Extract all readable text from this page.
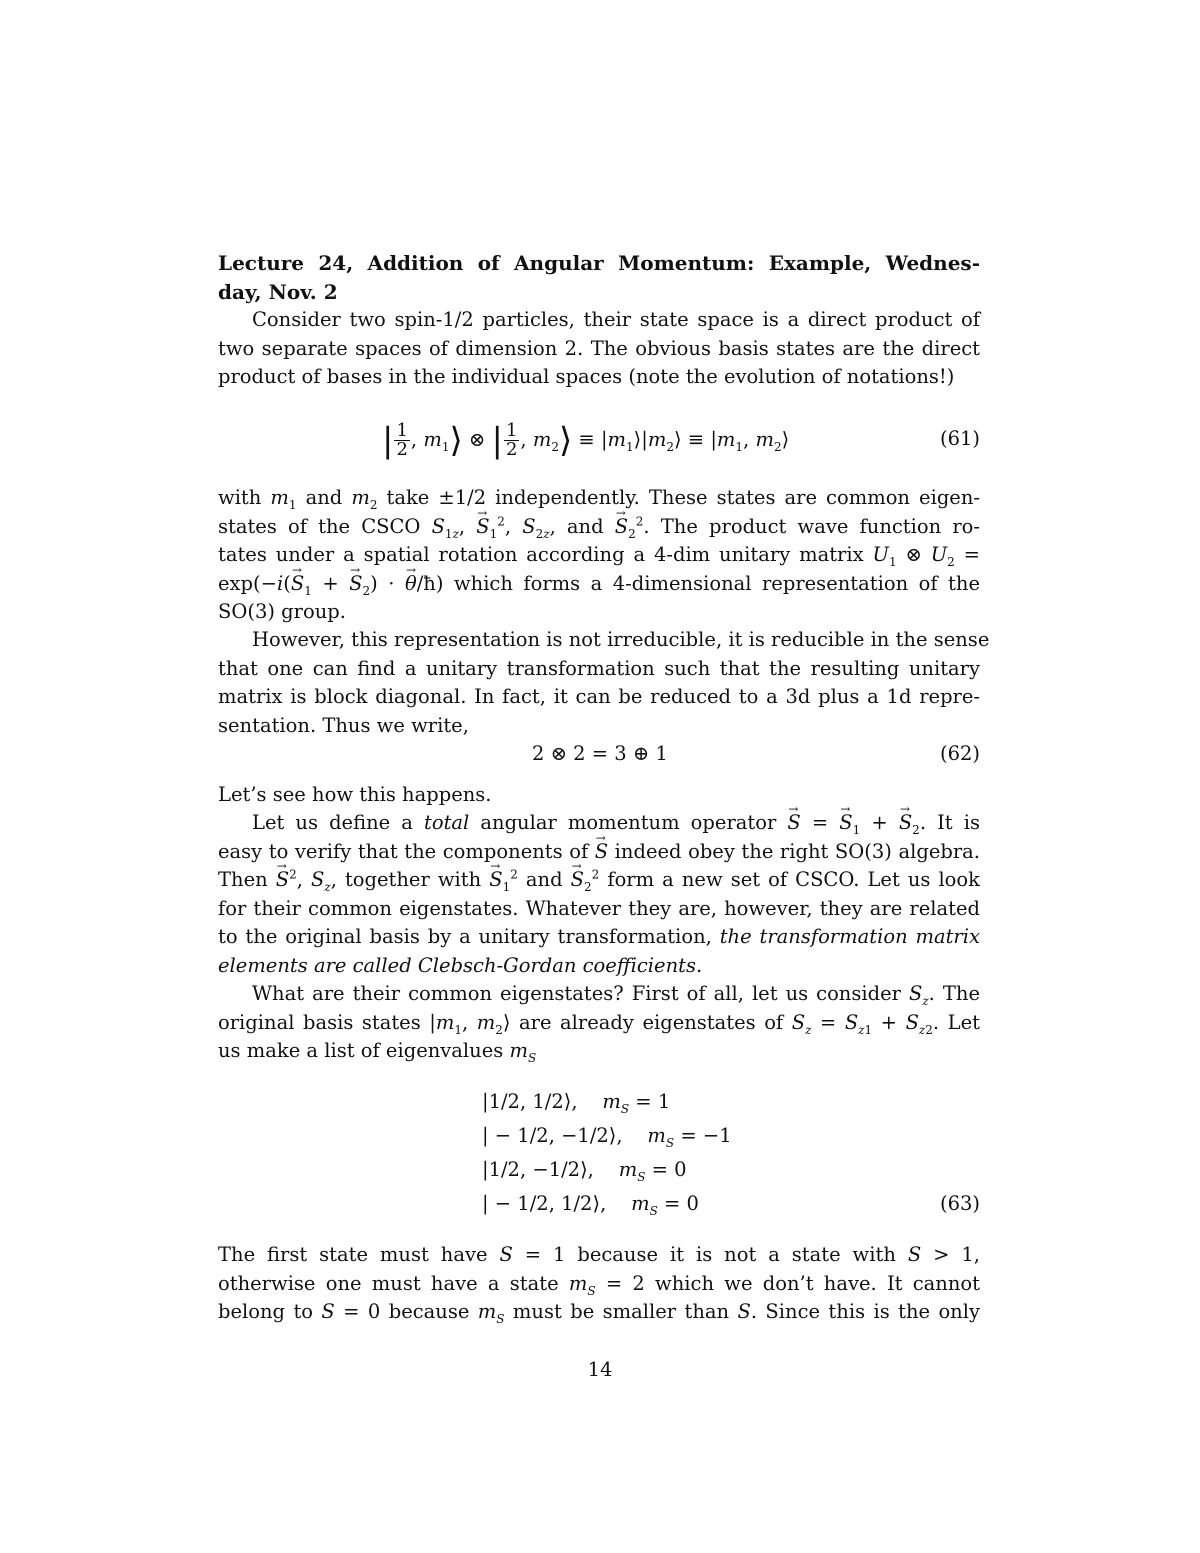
Lecture 24, Addition of Angular Momentum: Example, Wednes-
day, Nov. 2
Consider two spin-1/2 particles, their state space is a direct product of
two separate spaces of dimension 2. The obvious basis states are the direct
product of bases in the individual spaces (note the evolution of notations!)
| $\frac{1}{2}$ , $m_1⟩$ ⊗ | $\frac{1}{2}$ , $m_2⟩$ ≡ $|m_1⟩|m_2⟩ \equiv |m_1$, $m_2⟩$	(61)
with $m_1$ and $m_2$ take ±1/2 independently. These states are common eigen-
states of the CSCO $S_{1z}$, → $S_1^2$, $S_{2z}$, and → $S_2^2$. The product wave function ro-
tates under a spatial rotation according a 4-dim unitary matrix $U_1$ ⊗ $U_2$ =
$\exp(-i(\to S_1$ + → $S_2$) · → θ/ħ) which forms a 4-dimensional representation of the
SO(3) group.
However, this representation is not irreducible, it is reducible in the sense
that one can find a unitary transformation such that the resulting unitary
matrix is block diagonal. In fact, it can be reduced to a 3d plus a 1d repre-
sentation. Thus we write,
2 ⊗ 2 = 3 ⊕ 1	(62)
Let’s see how this happens.
Let us define a total angular momentum operator → S = → $S_1$ + → $S_2$. It is
easy to verify that the components of → S indeed obey the right SO(3) algebra.
Then → $S^2$, $S_z$, together with → $S_1^2$ and → $S_2^2$ form a new set of CSCO. Let us look
for their common eigenstates. Whatever they are, however, they are related
to the original basis by a unitary transformation, the transformation matrix
elements are called Clebsch-Gordan coefficients.
What are their common eigenstates? First of all, let us consider $S_z$. The
original basis states $|m_1$, $m_2⟩$ are already eigenstates of $S_z = S_{z1} + S_{z2}$. Let
us make a list of eigenvalues $m_S$
|1/2, 1/2⟩, $m_S = 1$
| − 1/2, −1/2⟩, $m_S = -1$
|1/2, −1/2⟩, $m_S = 0$
| − 1/2, 1/2⟩, $m_S = 0$	(63)
The first state must have S = 1 because it is not a state with S > 1,
otherwise one must have a state $m_S = 2$ which we don’t have. It cannot
belong to S = 0 because $m_S$ must be smaller than S. Since this is the only
14
